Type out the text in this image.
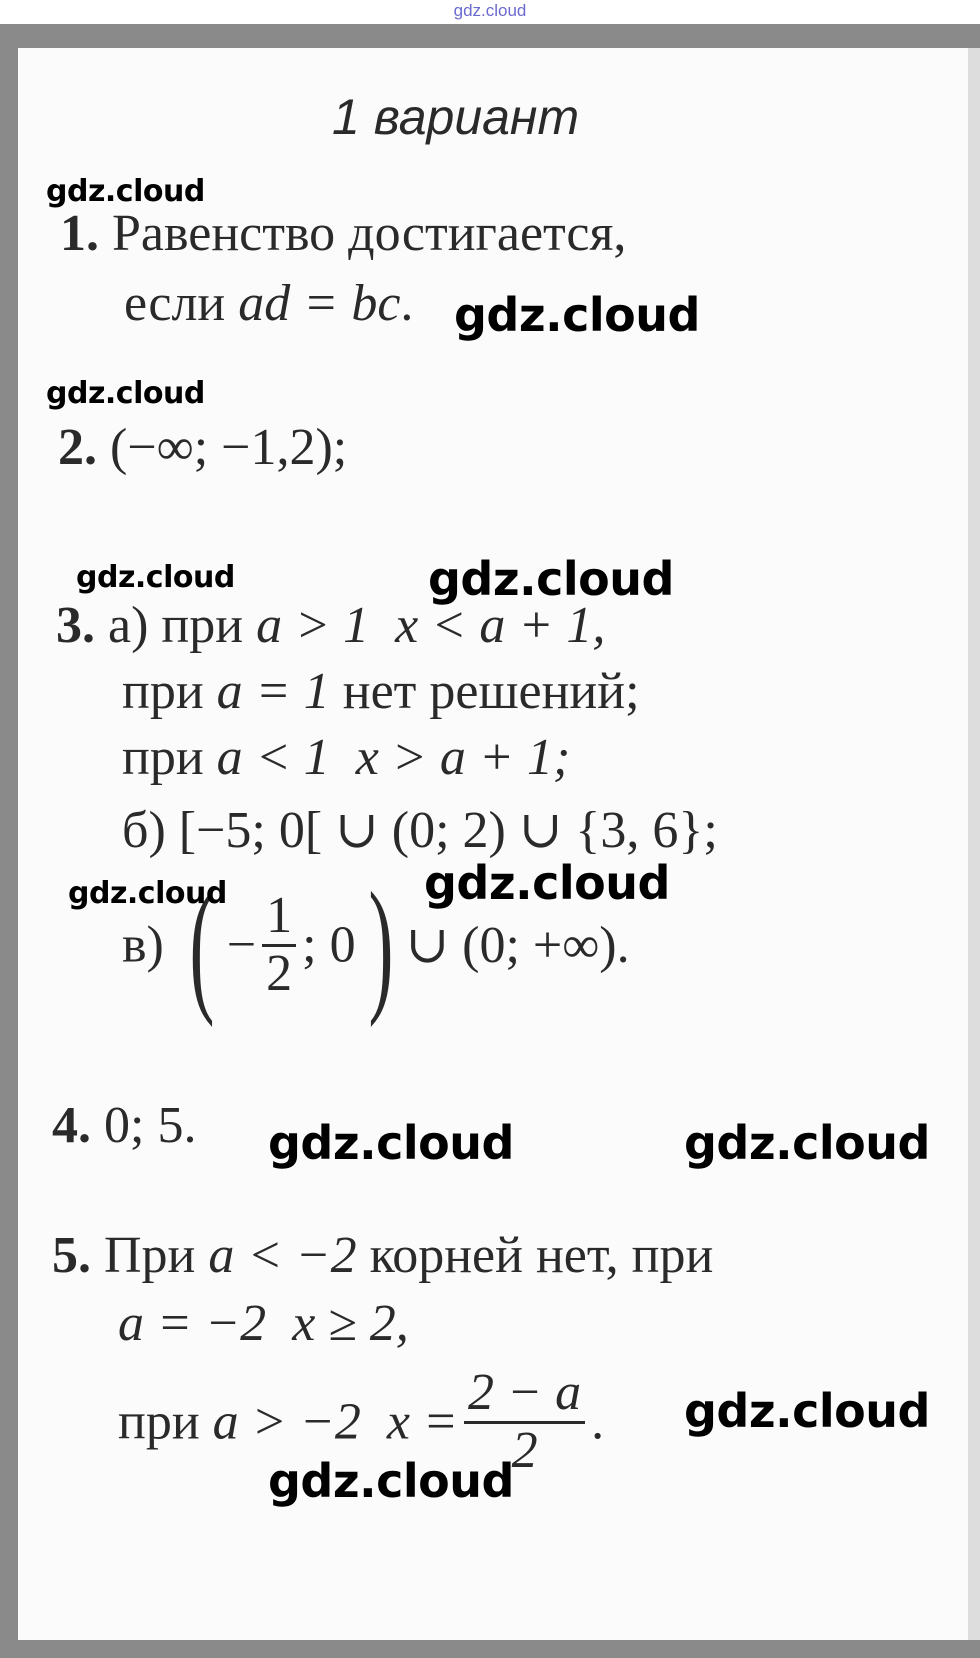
gdz.cloud
1 вариант
1. Равенство достигается,
если ad = bc.
2. (−∞; −1,2);
3. а) при a > 1 x < a + 1,
при a = 1 нет решений;
при a < 1 x > a + 1;
б) [−5; 0[ ∪ (0; 2) ∪ {3, 6};
в) ( − $\frac{1}{2}$ ; 0) ∪ (0; +∞).
4. 0; 5.
5. При a < −2 корней нет, при
a = −2 x ≥ 2,
при a > −2 $x = \frac{2 - a}{2}$ .
gdz.cloud
gdz.cloud
gdz.cloud
gdz.cloud	gdz.cloud
gdz.cloud	gdz.cloud
gdz.cloud	gdz.cloud
gdz.cloud
gdz.cloud
